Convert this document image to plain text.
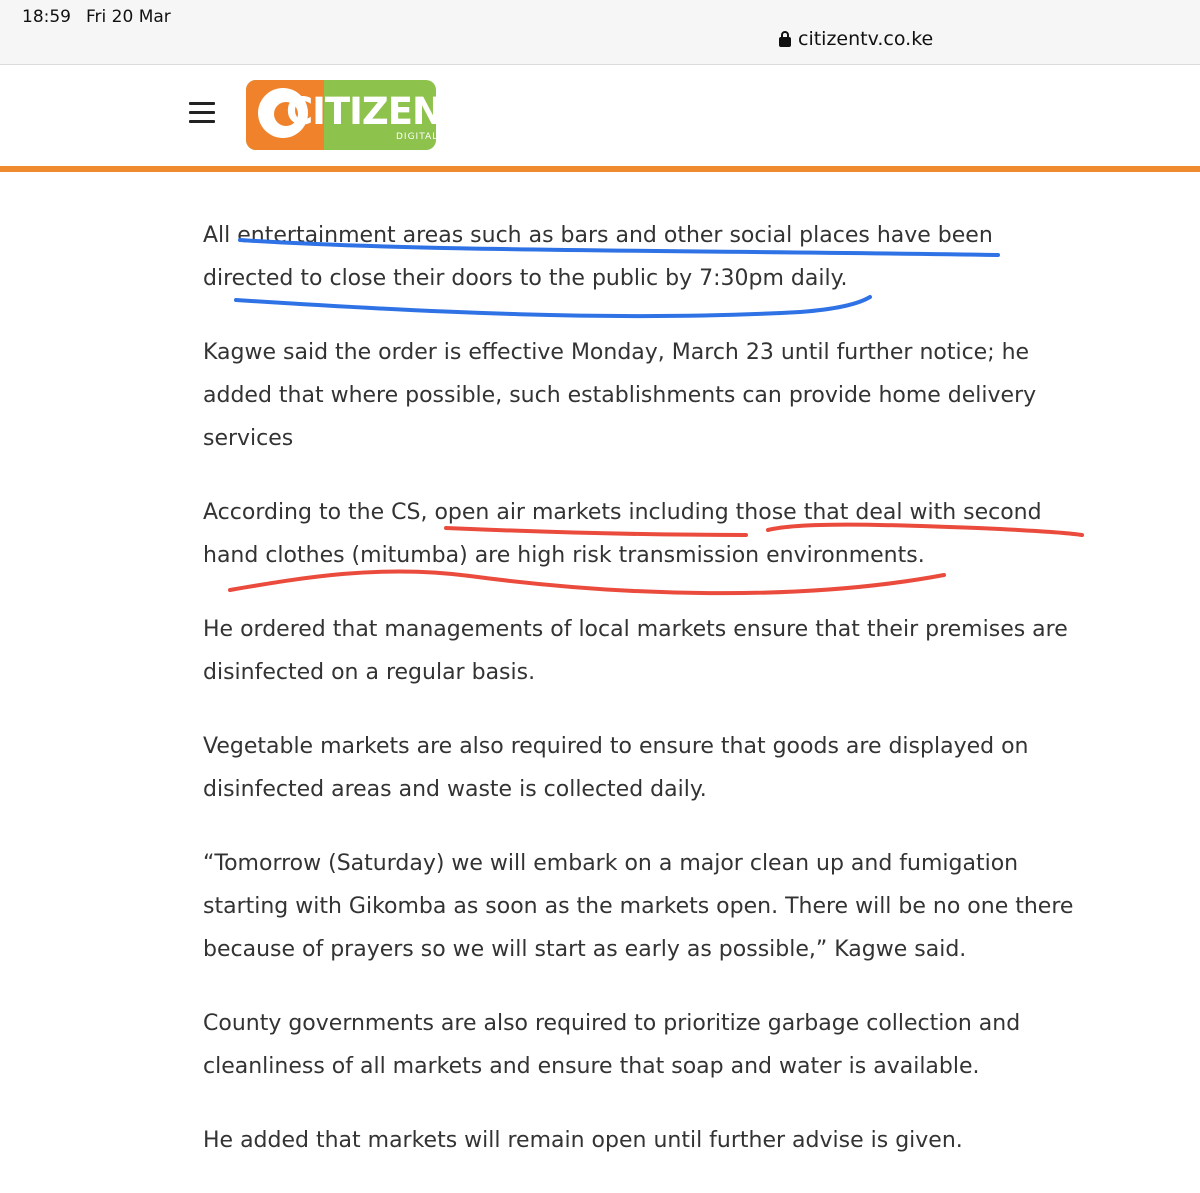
18:59 Fri 20 Mar
citizentv.co.ke
CITIZEN
DIGITAL

All entertainment areas such as bars and other social places have been directed to close their doors to the public by 7:30pm daily.

Kagwe said the order is effective Monday, March 23 until further notice; he added that where possible, such establishments can provide home delivery services

According to the CS, open air markets including those that deal with second hand clothes (mitumba) are high risk transmission environments.

He ordered that managements of local markets ensure that their premises are disinfected on a regular basis.

Vegetable markets are also required to ensure that goods are displayed on disinfected areas and waste is collected daily.

“Tomorrow (Saturday) we will embark on a major clean up and fumigation starting with Gikomba as soon as the markets open. There will be no one there because of prayers so we will start as early as possible,” Kagwe said.

County governments are also required to prioritize garbage collection and cleanliness of all markets and ensure that soap and water is available.

He added that markets will remain open until further advise is given.
